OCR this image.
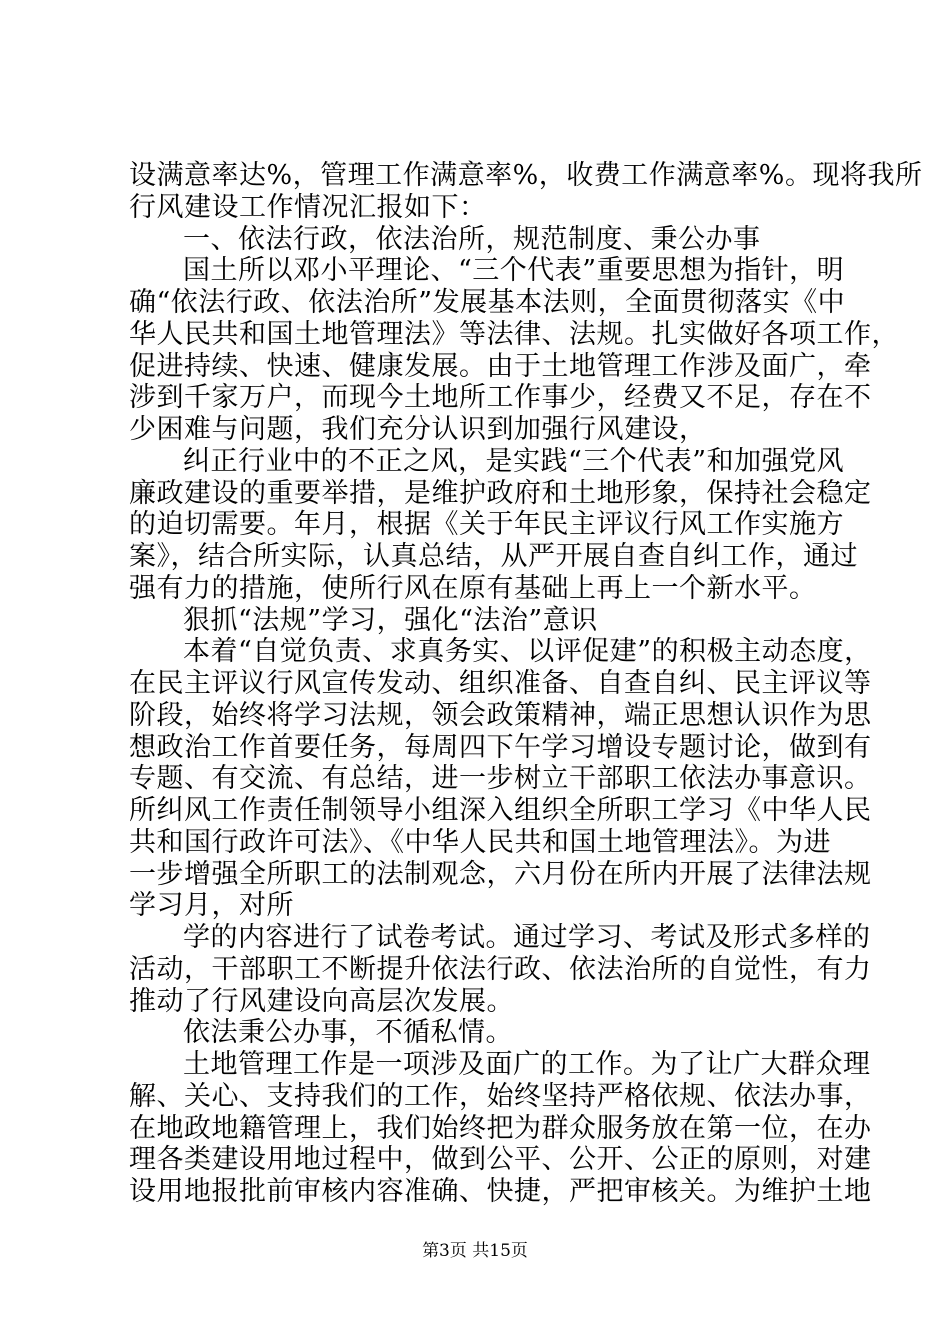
设满意率达%，管理工作满意率%，收费工作满意率%。现将我所
行风建设工作情况汇报如下：
一、依法行政，依法治所，规范制度、秉公办事
国土所以邓小平理论、“三个代表”重要思想为指针，明
确“依法行政、依法治所”发展基本法则，全面贯彻落实《中
华人民共和国土地管理法》等法律、法规。扎实做好各项工作，
促进持续、快速、健康发展。由于土地管理工作涉及面广，牵
涉到千家万户，而现今土地所工作事少，经费又不足，存在不
少困难与问题，我们充分认识到加强行风建设，
纠正行业中的不正之风，是实践“三个代表”和加强党风
廉政建设的重要举措，是维护政府和土地形象，保持社会稳定
的迫切需要。年月，根据《关于年民主评议行风工作实施方
案》，结合所实际，认真总结，从严开展自查自纠工作，通过
强有力的措施，使所行风在原有基础上再上一个新水平。
狠抓“法规”学习，强化“法治”意识
本着“自觉负责、求真务实、以评促建”的积极主动态度，
在民主评议行风宣传发动、组织准备、自查自纠、民主评议等
阶段，始终将学习法规，领会政策精神，端正思想认识作为思
想政治工作首要任务，每周四下午学习增设专题讨论，做到有
专题、有交流、有总结，进一步树立干部职工依法办事意识。
所纠风工作责任制领导小组深入组织全所职工学习《中华人民
共和国行政许可法》、《中华人民共和国土地管理法》。为进
一步增强全所职工的法制观念，六月份在所内开展了法律法规
学习月，对所
学的内容进行了试卷考试。通过学习、考试及形式多样的
活动，干部职工不断提升依法行政、依法治所的自觉性，有力
推动了行风建设向高层次发展。
依法秉公办事，不循私情。
土地管理工作是一项涉及面广的工作。为了让广大群众理
解、关心、支持我们的工作，始终坚持严格依规、依法办事，
在地政地籍管理上，我们始终把为群众服务放在第一位，在办
理各类建设用地过程中，做到公平、公开、公正的原则，对建
设用地报批前审核内容准确、快捷，严把审核关。为维护土地
第3页 共15页
